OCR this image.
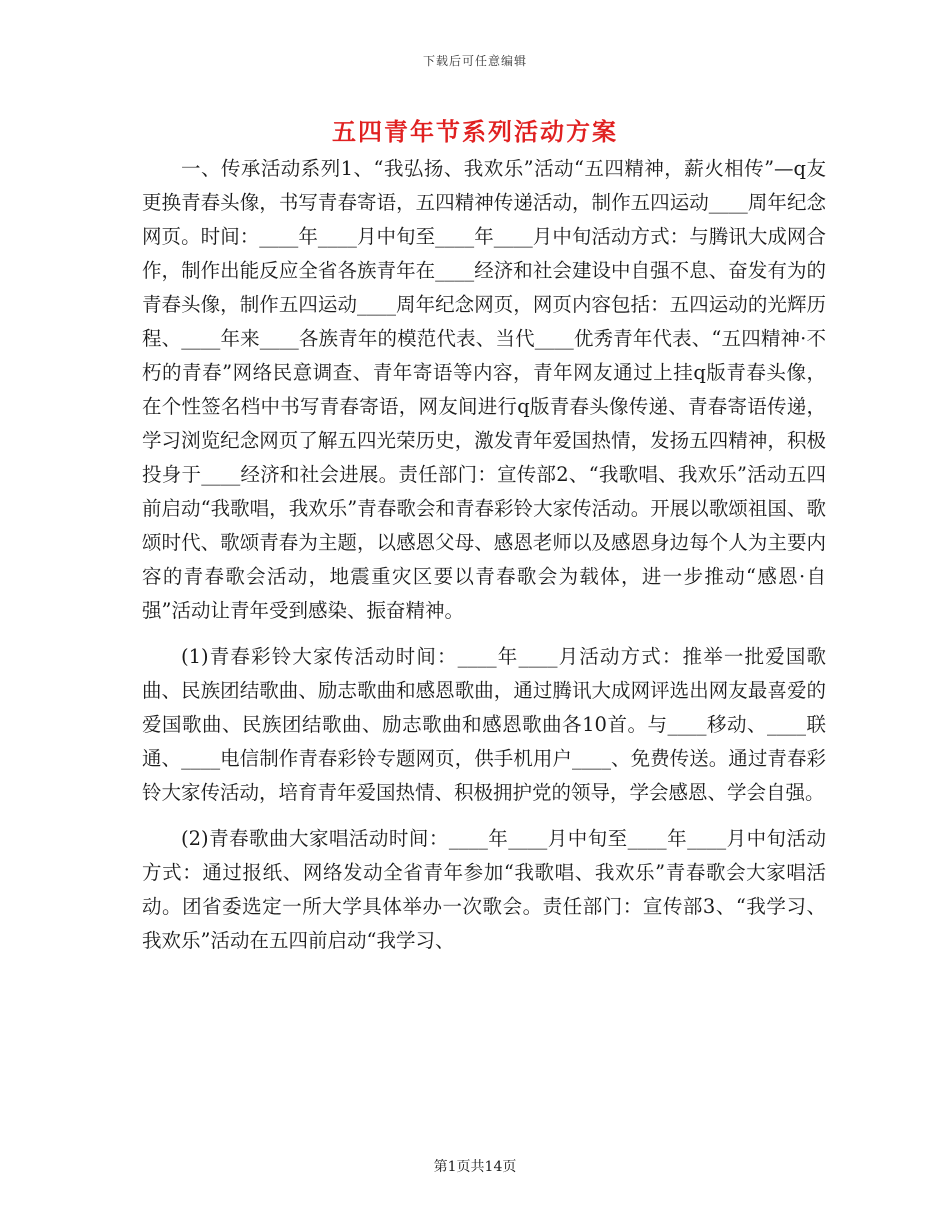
下载后可任意编辑
五四青年节系列活动方案

一、传承活动系列1、“我弘扬、我欢乐”活动“五四精神，薪火相传”—q友更换青春头像，书写青春寄语，五四精神传递活动，制作五四运动____周年纪念网页。时间：____年____月中旬至____年____月中旬活动方式：与腾讯大成网合作，制作出能反应全省各族青年在____经济和社会建设中自强不息、奋发有为的青春头像，制作五四运动____周年纪念网页，网页内容包括：五四运动的光辉历程、____年来____各族青年的模范代表、当代____优秀青年代表、“五四精神·不朽的青春”网络民意调查、青年寄语等内容，青年网友通过上挂q版青春头像，在个性签名档中书写青春寄语，网友间进行q版青春头像传递、青春寄语传递，学习浏览纪念网页了解五四光荣历史，激发青年爱国热情，发扬五四精神，积极投身于____经济和社会进展。责任部门：宣传部2、“我歌唱、我欢乐”活动五四前启动“我歌唱，我欢乐”青春歌会和青春彩铃大家传活动。开展以歌颂祖国、歌颂时代、歌颂青春为主题，以感恩父母、感恩老师以及感恩身边每个人为主要内容的青春歌会活动，地震重灾区要以青春歌会为载体，进一步推动“感恩·自强”活动让青年受到感染、振奋精神。

(1)青春彩铃大家传活动时间：____年____月活动方式：推举一批爱国歌曲、民族团结歌曲、励志歌曲和感恩歌曲，通过腾讯大成网评选出网友最喜爱的爱国歌曲、民族团结歌曲、励志歌曲和感恩歌曲各10首。与____移动、____联通、____电信制作青春彩铃专题网页，供手机用户____、免费传送。通过青春彩铃大家传活动，培育青年爱国热情、积极拥护党的领导，学会感恩、学会自强。

(2)青春歌曲大家唱活动时间：____年____月中旬至____年____月中旬活动方式：通过报纸、网络发动全省青年参加“我歌唱、我欢乐”青春歌会大家唱活动。团省委选定一所大学具体举办一次歌会。责任部门：宣传部3、“我学习、我欢乐”活动在五四前启动“我学习、

第1页共14页
